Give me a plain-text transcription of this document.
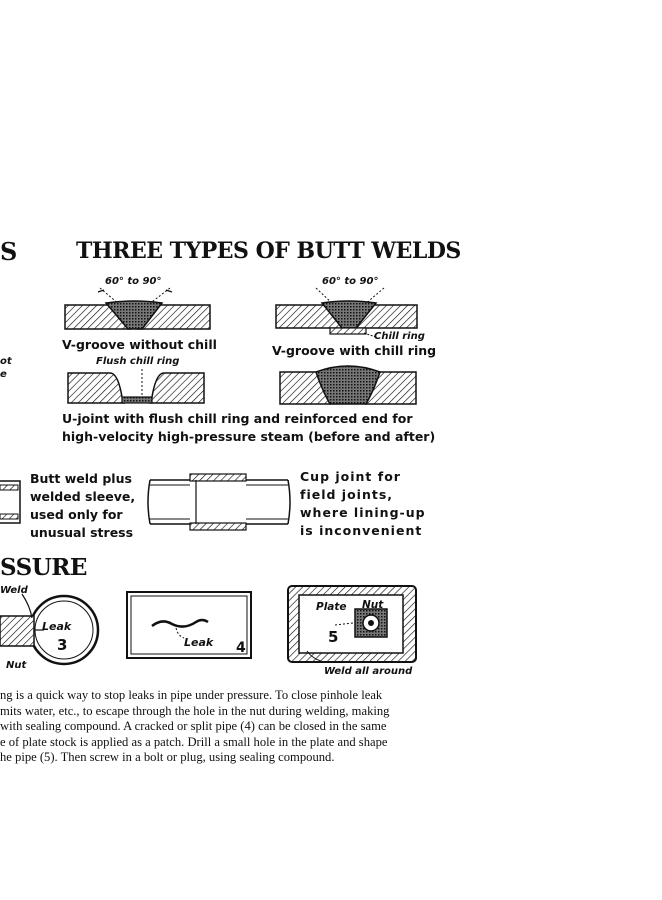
S
ot
e
THREE TYPES OF BUTT WELDS
60° to 90°
V-groove without chill
60° to 90°
Chill ring
V-groove with chill ring
Flush chill ring
U-joint with flush chill ring and reinforced end for
high-velocity high-pressure steam (before and after)
Butt weld plus
welded sleeve,
used only for
unusual stress
Cup joint for
field joints,
where lining-up
is inconvenient
SSURE
Weld
Leak
3
Nut
Leak 4
Plate Nut
5
Weld all around
ng is a quick way to stop leaks in pipe under pressure. To close pinhole leak
mits water, etc., to escape through the hole in the nut during welding, making
with sealing compound. A cracked or split pipe (4) can be closed in the same
e of plate stock is applied as a patch. Drill a small hole in the plate and shape
he pipe (5). Then screw in a bolt or plug, using sealing compound.
